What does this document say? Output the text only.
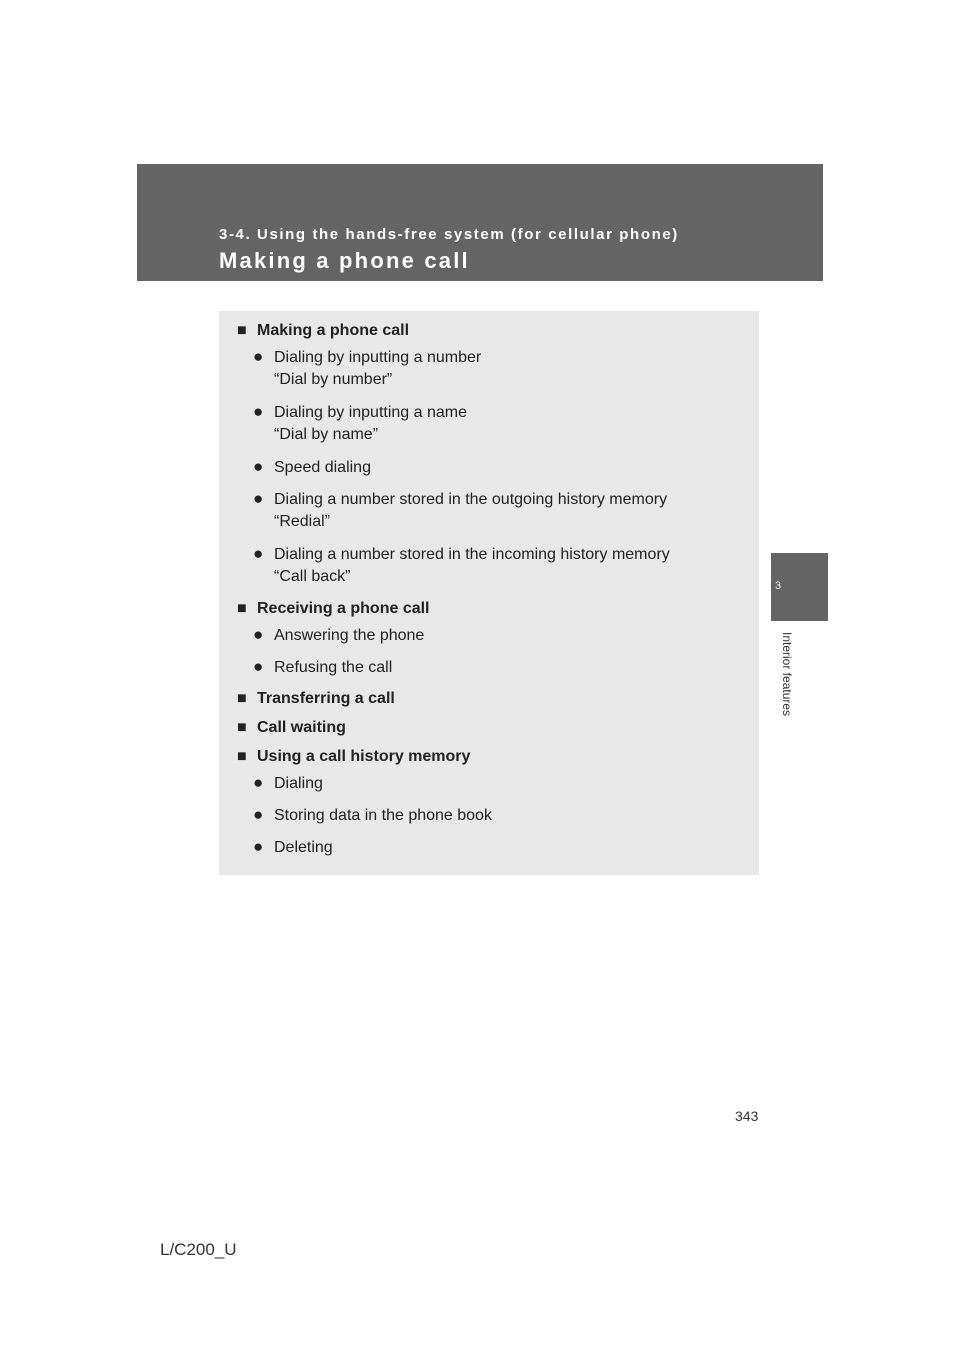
3-4. Using the hands-free system (for cellular phone)
Making a phone call
3
Interior features
■ Making a phone call
● Dialing by inputting a number
“Dial by number”
● Dialing by inputting a name
“Dial by name”
● Speed dialing
● Dialing a number stored in the outgoing history memory
“Redial”
● Dialing a number stored in the incoming history memory
“Call back”
■ Receiving a phone call
● Answering the phone
● Refusing the call
■ Transferring a call
■ Call waiting
■ Using a call history memory
● Dialing
● Storing data in the phone book
● Deleting
343
L/C200_U
